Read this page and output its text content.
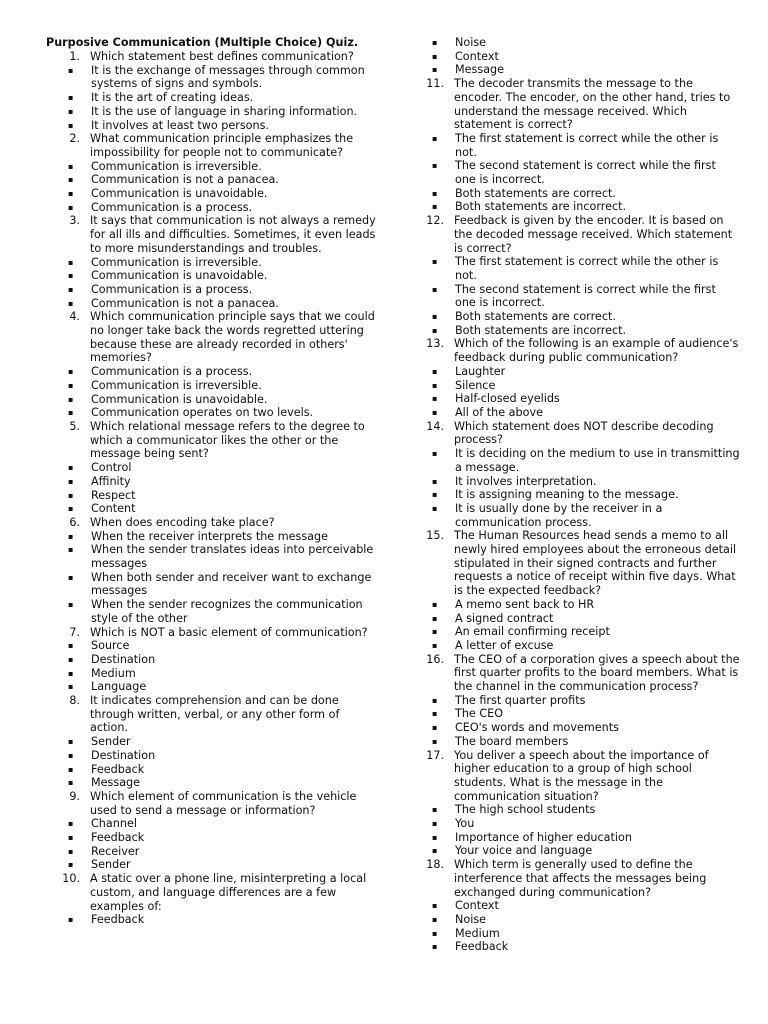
Purposive Communication (Multiple Choice) Quiz.
1. Which statement best defines communication?
▪ It is the exchange of messages through common systems of signs and symbols.
▪ It is the art of creating ideas.
▪ It is the use of language in sharing information.
▪ It involves at least two persons.
2. What communication principle emphasizes the impossibility for people not to communicate?
▪ Communication is irreversible.
▪ Communication is not a panacea.
▪ Communication is unavoidable.
▪ Communication is a process.
3. It says that communication is not always a remedy for all ills and difficulties. Sometimes, it even leads to more misunderstandings and troubles.
▪ Communication is irreversible.
▪ Communication is unavoidable.
▪ Communication is a process.
▪ Communication is not a panacea.
4. Which communication principle says that we could no longer take back the words regretted uttering because these are already recorded in others' memories?
▪ Communication is a process.
▪ Communication is irreversible.
▪ Communication is unavoidable.
▪ Communication operates on two levels.
5. Which relational message refers to the degree to which a communicator likes the other or the message being sent?
▪ Control
▪ Affinity
▪ Respect
▪ Content
6. When does encoding take place?
▪ When the receiver interprets the message
▪ When the sender translates ideas into perceivable messages
▪ When both sender and receiver want to exchange messages
▪ When the sender recognizes the communication style of the other
7. Which is NOT a basic element of communication?
▪ Source
▪ Destination
▪ Medium
▪ Language
8. It indicates comprehension and can be done through written, verbal, or any other form of action.
▪ Sender
▪ Destination
▪ Feedback
▪ Message
9. Which element of communication is the vehicle used to send a message or information?
▪ Channel
▪ Feedback
▪ Receiver
▪ Sender
10. A static over a phone line, misinterpreting a local custom, and language differences are a few examples of:
▪ Feedback
▪ Noise
▪ Context
▪ Message
11. The decoder transmits the message to the encoder. The encoder, on the other hand, tries to understand the message received. Which statement is correct?
▪ The first statement is correct while the other is not.
▪ The second statement is correct while the first one is incorrect.
▪ Both statements are correct.
▪ Both statements are incorrect.
12. Feedback is given by the encoder. It is based on the decoded message received. Which statement is correct?
▪ The first statement is correct while the other is not.
▪ The second statement is correct while the first one is incorrect.
▪ Both statements are correct.
▪ Both statements are incorrect.
13. Which of the following is an example of audience's feedback during public communication?
▪ Laughter
▪ Silence
▪ Half-closed eyelids
▪ All of the above
14. Which statement does NOT describe decoding process?
▪ It is deciding on the medium to use in transmitting a message.
▪ It involves interpretation.
▪ It is assigning meaning to the message.
▪ It is usually done by the receiver in a communication process.
15. The Human Resources head sends a memo to all newly hired employees about the erroneous detail stipulated in their signed contracts and further requests a notice of receipt within five days. What is the expected feedback?
▪ A memo sent back to HR
▪ A signed contract
▪ An email confirming receipt
▪ A letter of excuse
16. The CEO of a corporation gives a speech about the first quarter profits to the board members. What is the channel in the communication process?
▪ The first quarter profits
▪ The CEO
▪ CEO's words and movements
▪ The board members
17. You deliver a speech about the importance of higher education to a group of high school students. What is the message in the communication situation?
▪ The high school students
▪ You
▪ Importance of higher education
▪ Your voice and language
18. Which term is generally used to define the interference that affects the messages being exchanged during communication?
▪ Context
▪ Noise
▪ Medium
▪ Feedback
